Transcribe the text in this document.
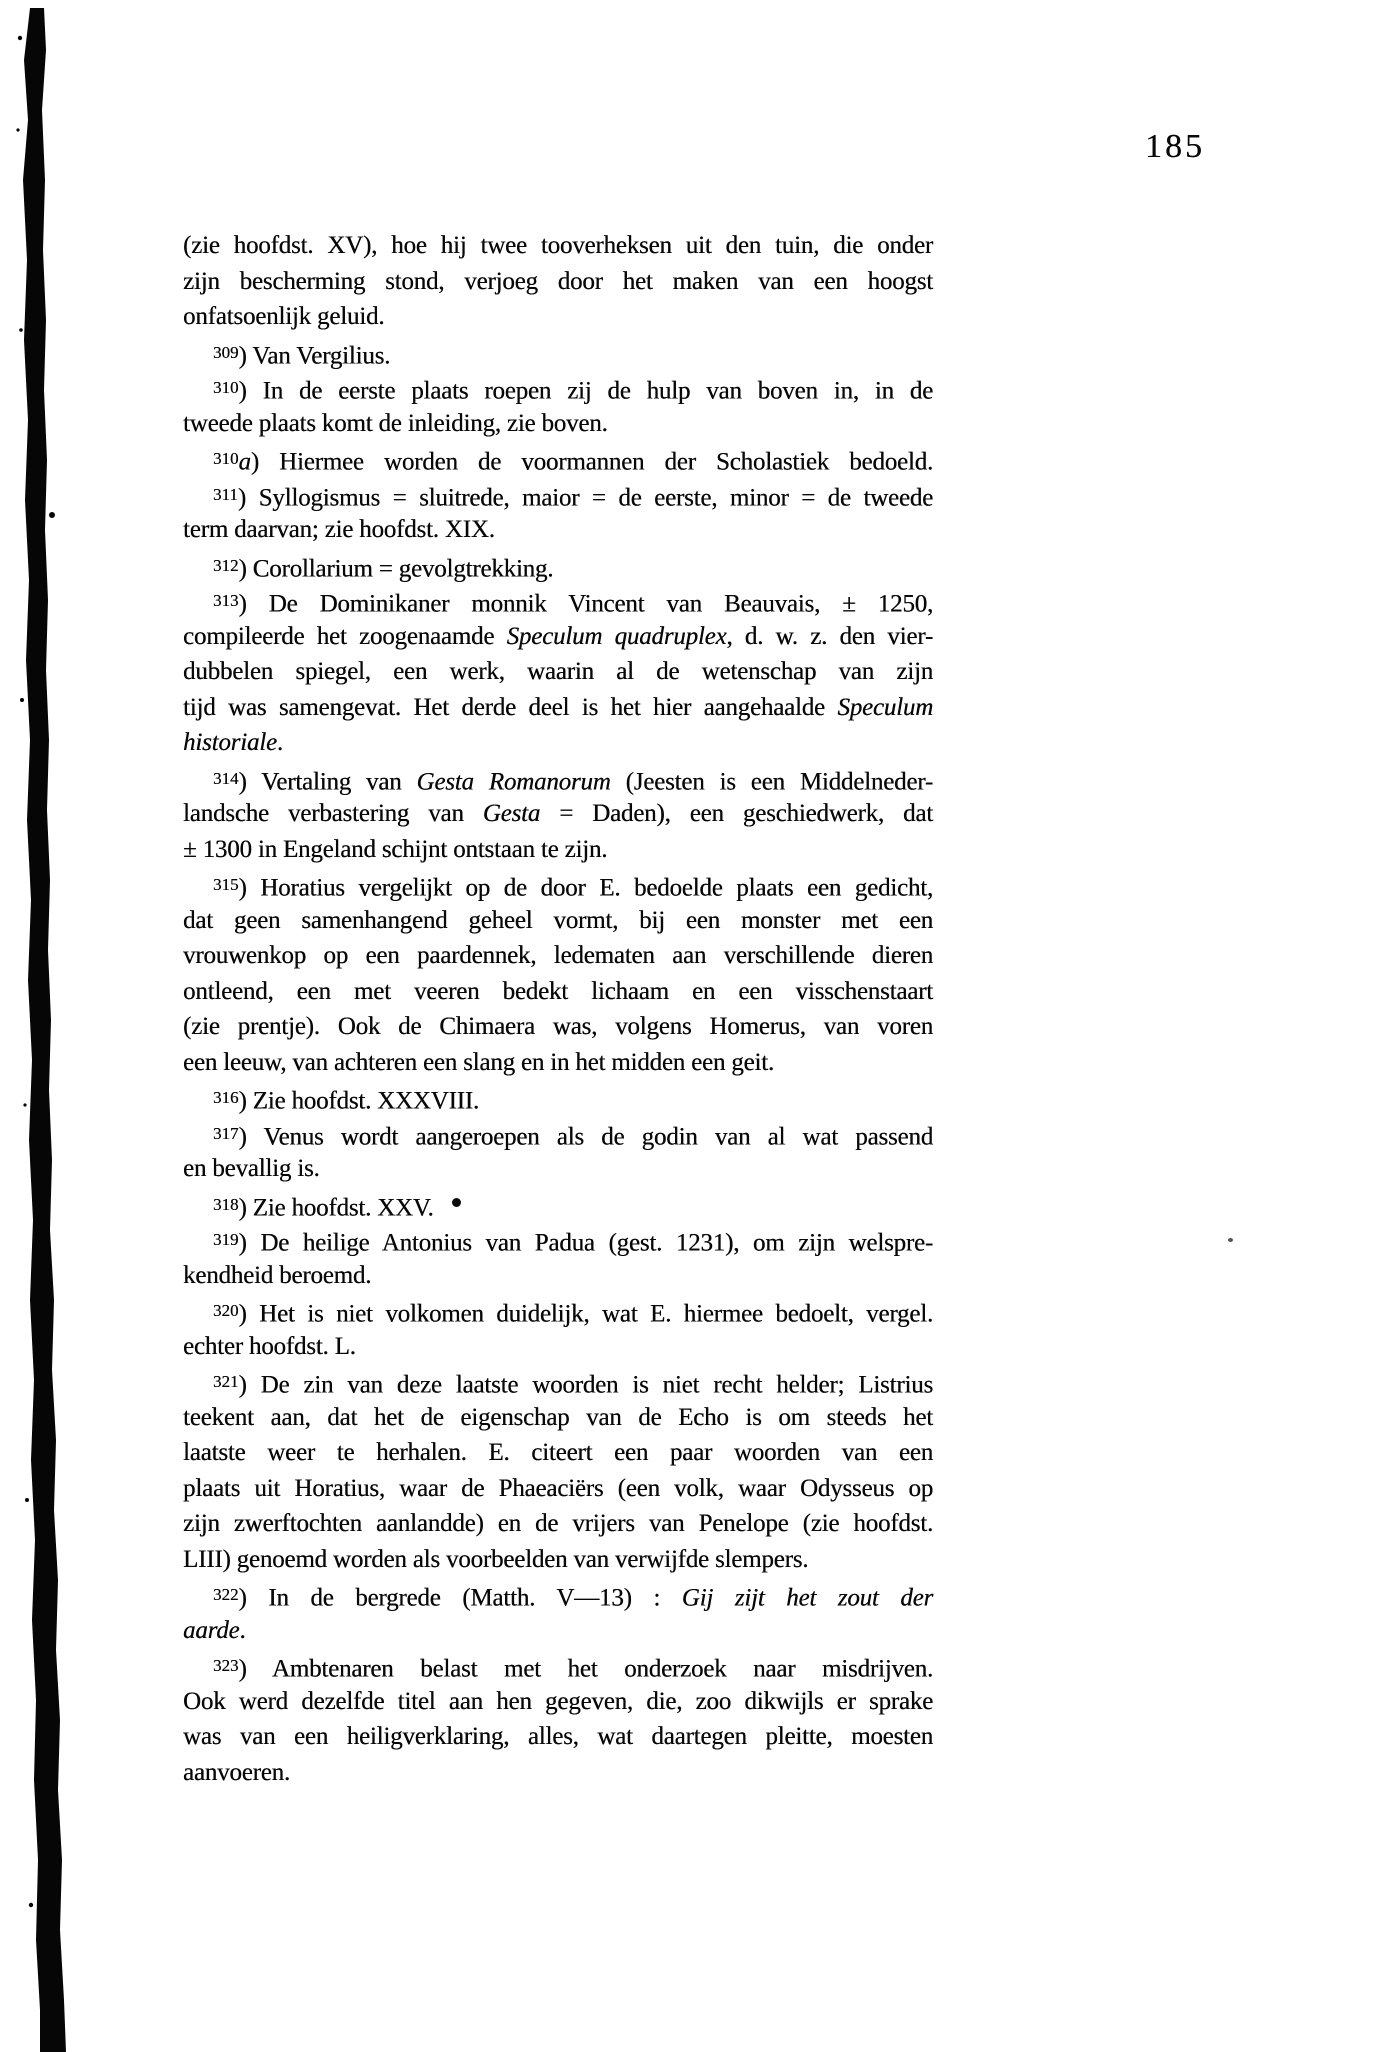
185
(zie hoofdst. XV), hoe hij twee tooverheksen uit den tuin, die onder
zijn bescherming stond, verjoeg door het maken van een hoogst
onfatsoenlijk geluid.
$^{309}$) Van Vergilius.
$^{310}$) In de eerste plaats roepen zij de hulp van boven in, in de
tweede plaats komt de inleiding, zie boven.
$^{310}$a) Hiermee worden de voormannen der Scholastiek bedoeld.
$^{311}$) Syllogismus = sluitrede, maior = de eerste, minor = de tweede
term daarvan; zie hoofdst. XIX.
$^{312}$) Corollarium = gevolgtrekking.
$^{313}$) De Dominikaner monnik Vincent van Beauvais, ± 1250,
compileerde het zoogenaamde Speculum quadruplex, d. w. z. den vier-
dubbelen spiegel, een werk, waarin al de wetenschap van zijn
tijd was samengevat. Het derde deel is het hier aangehaalde Speculum
historiale.
$^{314}$) Vertaling van Gesta Romanorum (Jeesten is een Middelneder-
landsche verbastering van Gesta = Daden), een geschiedwerk, dat
± 1300 in Engeland schijnt ontstaan te zijn.
$^{315}$) Horatius vergelijkt op de door E. bedoelde plaats een gedicht,
dat geen samenhangend geheel vormt, bij een monster met een
vrouwenkop op een paardennek, ledematen aan verschillende dieren
ontleend, een met veeren bedekt lichaam en een visschenstaart
(zie prentje). Ook de Chimaera was, volgens Homerus, van voren
een leeuw, van achteren een slang en in het midden een geit.
$^{316}$) Zie hoofdst. XXXVIII.
$^{317}$) Venus wordt aangeroepen als de godin van al wat passend
en bevallig is.
$^{318}$) Zie hoofdst. XXV.
$^{319}$) De heilige Antonius van Padua (gest. 1231), om zijn welspre-
kendheid beroemd.
$^{320}$) Het is niet volkomen duidelijk, wat E. hiermee bedoelt, vergel.
echter hoofdst. L.
$^{321}$) De zin van deze laatste woorden is niet recht helder; Listrius
teekent aan, dat het de eigenschap van de Echo is om steeds het
laatste weer te herhalen. E. citeert een paar woorden van een
plaats uit Horatius, waar de Phaeaciërs (een volk, waar Odysseus op
zijn zwerftochten aanlandde) en de vrijers van Penelope (zie hoofdst.
LIII) genoemd worden als voorbeelden van verwijfde slempers.
$^{322}$) In de bergrede (Matth. V—13) : Gij zijt het zout der
aarde.
$^{323}$) Ambtenaren belast met het onderzoek naar misdrijven.
Ook werd dezelfde titel aan hen gegeven, die, zoo dikwijls er sprake
was van een heiligverklaring, alles, wat daartegen pleitte, moesten
aanvoeren.
